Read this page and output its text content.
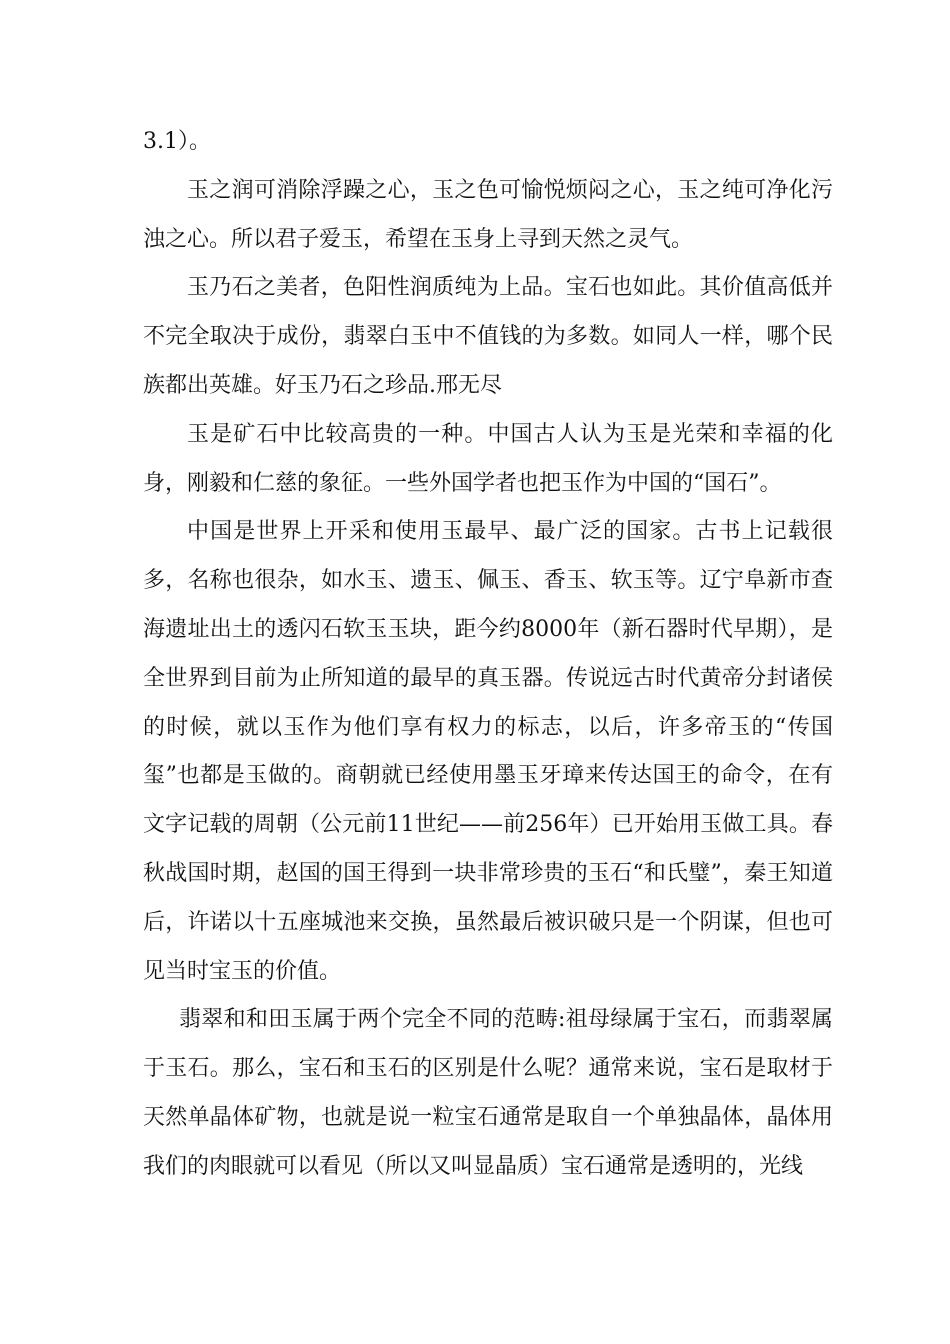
3.1）。

玉之润可消除浮躁之心，玉之色可愉悦烦闷之心，玉之纯可净化污浊之心。所以君子爱玉，希望在玉身上寻到天然之灵气。

玉乃石之美者，色阳性润质纯为上品。宝石也如此。其价值高低并不完全取决于成份，翡翠白玉中不值钱的为多数。如同人一样，哪个民族都出英雄。好玉乃石之珍品.邢无尽

玉是矿石中比较高贵的一种。中国古人认为玉是光荣和幸福的化身，刚毅和仁慈的象征。一些外国学者也把玉作为中国的“国石”。

中国是世界上开采和使用玉最早、最广泛的国家。古书上记载很多，名称也很杂，如水玉、遗玉、佩玉、香玉、软玉等。辽宁阜新市查海遗址出土的透闪石软玉玉块，距今约8000年（新石器时代早期），是全世界到目前为止所知道的最早的真玉器。传说远古时代黄帝分封诸侯的时候，就以玉作为他们享有权力的标志，以后，许多帝玉的“传国玺”也都是玉做的。商朝就已经使用墨玉牙璋来传达国王的命令，在有文字记载的周朝（公元前11世纪——前256年）已开始用玉做工具。春秋战国时期，赵国的国王得到一块非常珍贵的玉石“和氏璧”，秦王知道后，许诺以十五座城池来交换，虽然最后被识破只是一个阴谋，但也可见当时宝玉的价值。

翡翠和和田玉属于两个完全不同的范畴:祖母绿属于宝石，而翡翠属于玉石。那么，宝石和玉石的区别是什么呢？通常来说，宝石是取材于天然单晶体矿物，也就是说一粒宝石通常是取自一个单独晶体，晶体用我们的肉眼就可以看见（所以又叫显晶质）宝石通常是透明的，光线
